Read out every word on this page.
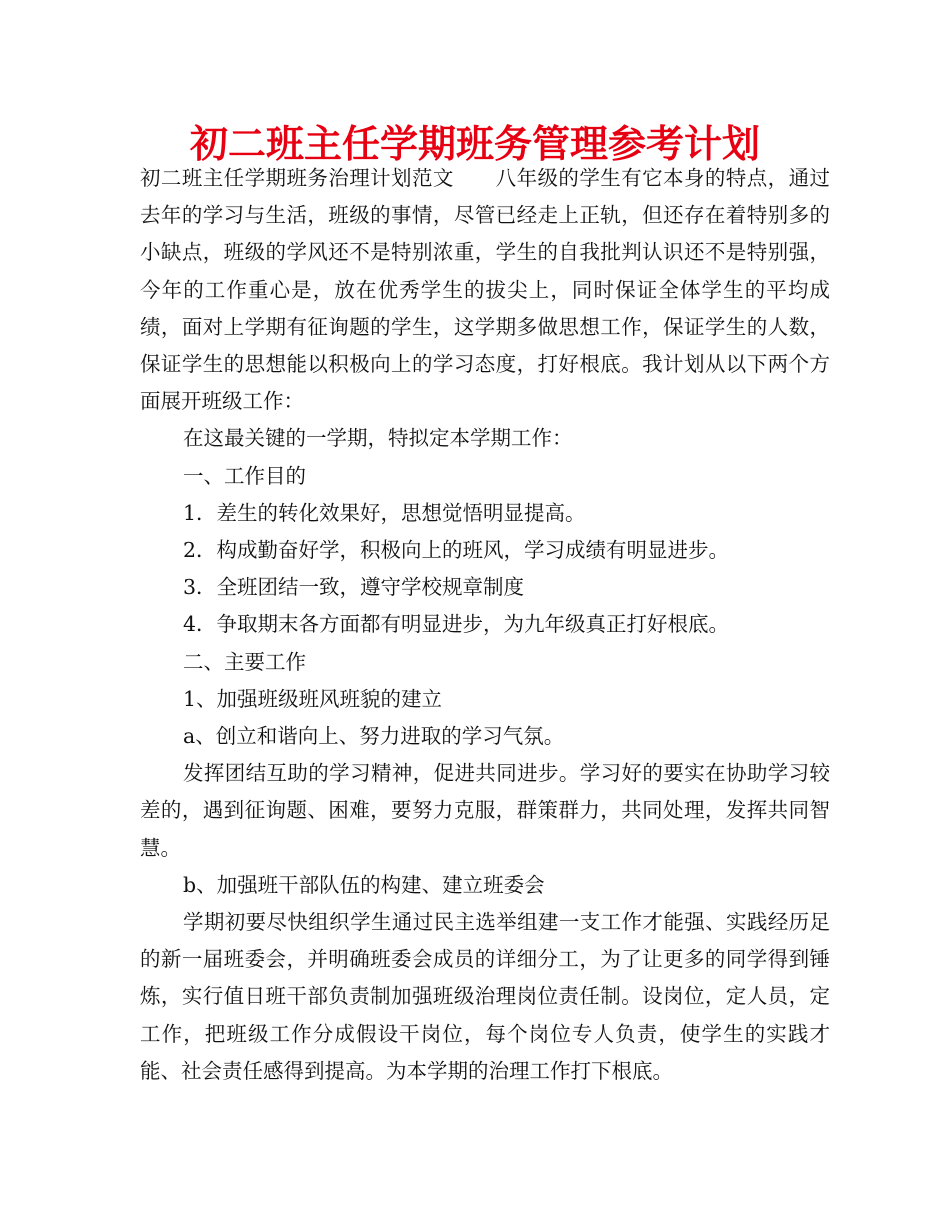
初二班主任学期班务管理参考计划

初二班主任学期班务治理计划范文　　八年级的学生有它本身的特点，通过去年的学习与生活，班级的事情，尽管已经走上正轨，但还存在着特别多的小缺点，班级的学风还不是特别浓重，学生的自我批判认识还不是特别强，今年的工作重心是，放在优秀学生的拔尖上，同时保证全体学生的平均成绩，面对上学期有征询题的学生，这学期多做思想工作，保证学生的人数，保证学生的思想能以积极向上的学习态度，打好根底。我计划从以下两个方面展开班级工作：

在这最关键的一学期，特拟定本学期工作：

一、工作目的

1．差生的转化效果好，思想觉悟明显提高。

2．构成勤奋好学，积极向上的班风，学习成绩有明显进步。

3．全班团结一致，遵守学校规章制度

4．争取期末各方面都有明显进步，为九年级真正打好根底。

二、主要工作

1、加强班级班风班貌的建立

a、创立和谐向上、努力进取的学习气氛。

发挥团结互助的学习精神，促进共同进步。学习好的要实在协助学习较差的，遇到征询题、困难，要努力克服，群策群力，共同处理，发挥共同智慧。

b、加强班干部队伍的构建、建立班委会

学期初要尽快组织学生通过民主选举组建一支工作才能强、实践经历足的新一届班委会，并明确班委会成员的详细分工，为了让更多的同学得到锤炼，实行值日班干部负责制加强班级治理岗位责任制。设岗位，定人员，定工作，把班级工作分成假设干岗位，每个岗位专人负责，使学生的实践才能、社会责任感得到提高。为本学期的治理工作打下根底。
